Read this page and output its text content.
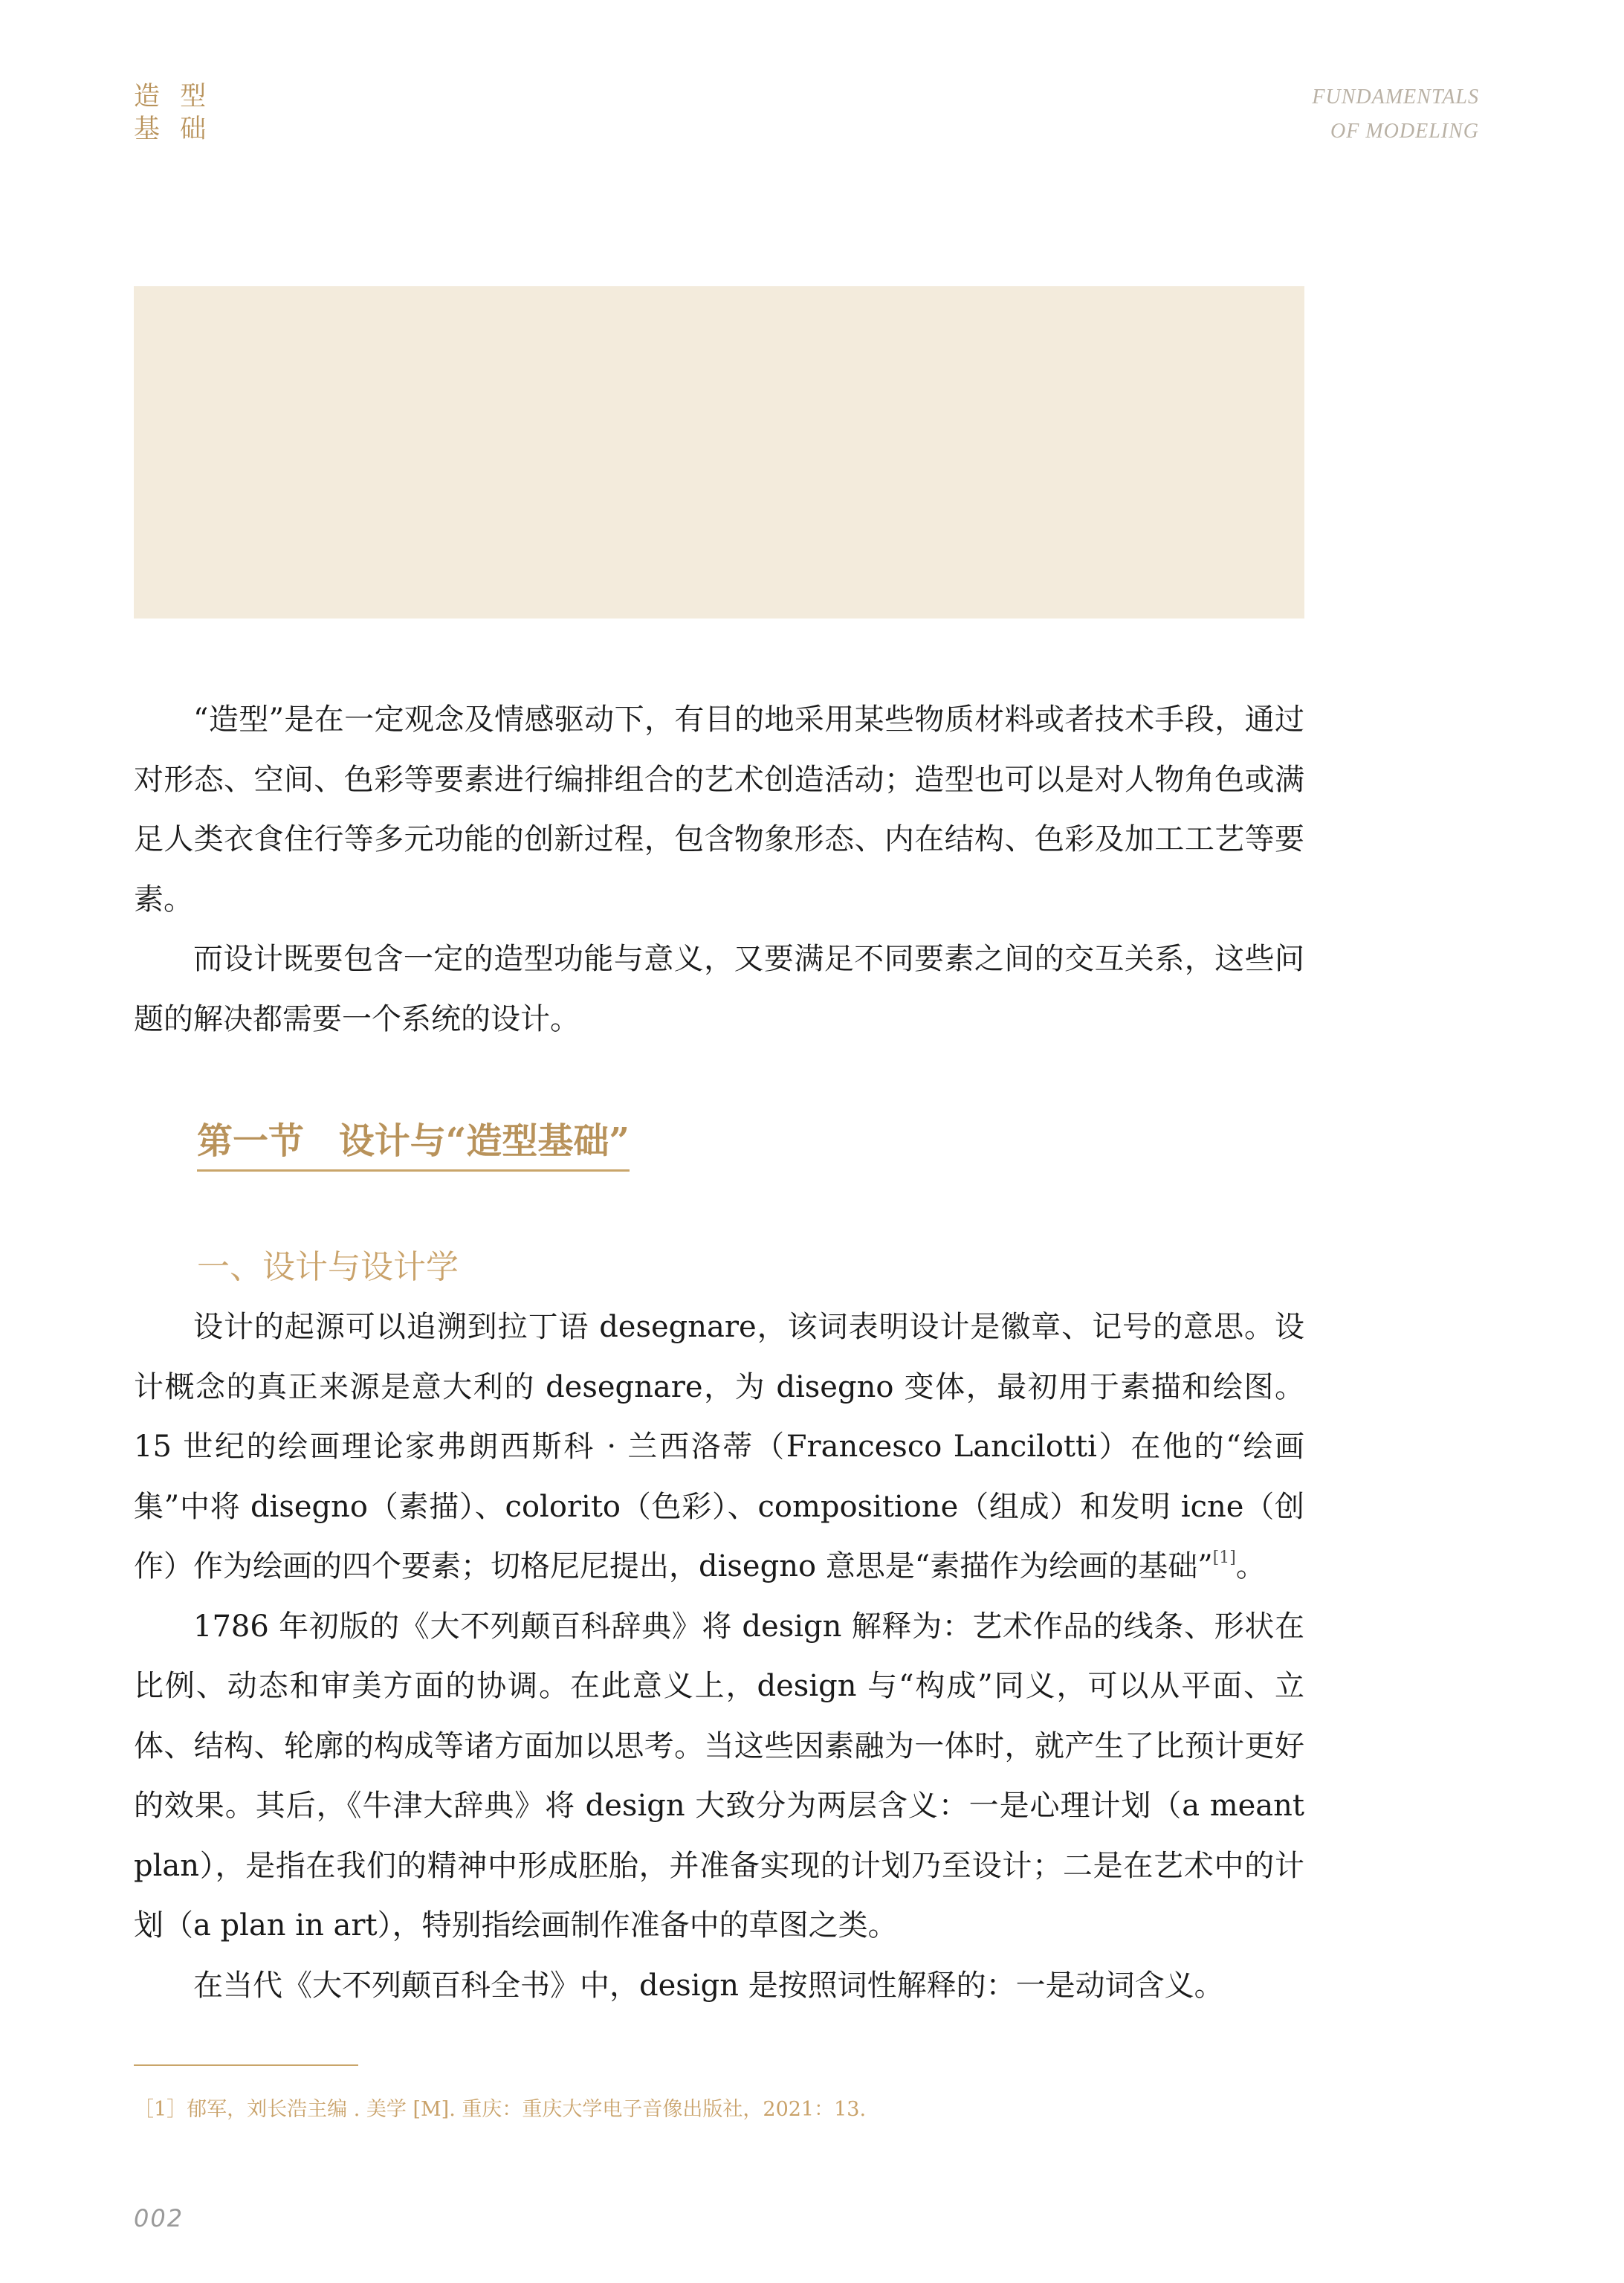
造 型
基 础
FUNDAMENTALS
OF MODELING

“造型”是在一定观念及情感驱动下，有目的地采用某些物质材料或者技术手段，通过对形态、空间、色彩等要素进行编排组合的艺术创造活动；造型也可以是对人物角色或满足人类衣食住行等多元功能的创新过程，包含物象形态、内在结构、色彩及加工工艺等要素。

而设计既要包含一定的造型功能与意义，又要满足不同要素之间的交互关系，这些问题的解决都需要一个系统的设计。

第一节 设计与“造型基础”
一、设计与设计学

设计的起源可以追溯到拉丁语 desegnare，该词表明设计是徽章、记号的意思。设计概念的真正来源是意大利的 desegnare，为 disegno 变体，最初用于素描和绘图。15 世纪的绘画理论家弗朗西斯科 · 兰西洛蒂（Francesco Lancilotti）在他的“绘画集”中将 disegno（素描）、colorito（色彩）、compositione（组成）和发明 icne（创作）作为绘画的四个要素；切格尼尼提出，disegno 意思是“素描作为绘画的基础”[1]。

1786 年初版的《大不列颠百科辞典》将 design 解释为：艺术作品的线条、形状在比例、动态和审美方面的协调。在此意义上，design 与“构成”同义，可以从平面、立体、结构、轮廓的构成等诸方面加以思考。当这些因素融为一体时，就产生了比预计更好的效果。其后，《牛津大辞典》将 design 大致分为两层含义：一是心理计划（a meant plan），是指在我们的精神中形成胚胎，并准备实现的计划乃至设计；二是在艺术中的计划（a plan in art），特别指绘画制作准备中的草图之类。

在当代《大不列颠百科全书》中，design 是按照词性解释的：一是动词含义。

［1］郁军，刘长浩主编 . 美学 [M]. 重庆：重庆大学电子音像出版社，2021：13.
002
